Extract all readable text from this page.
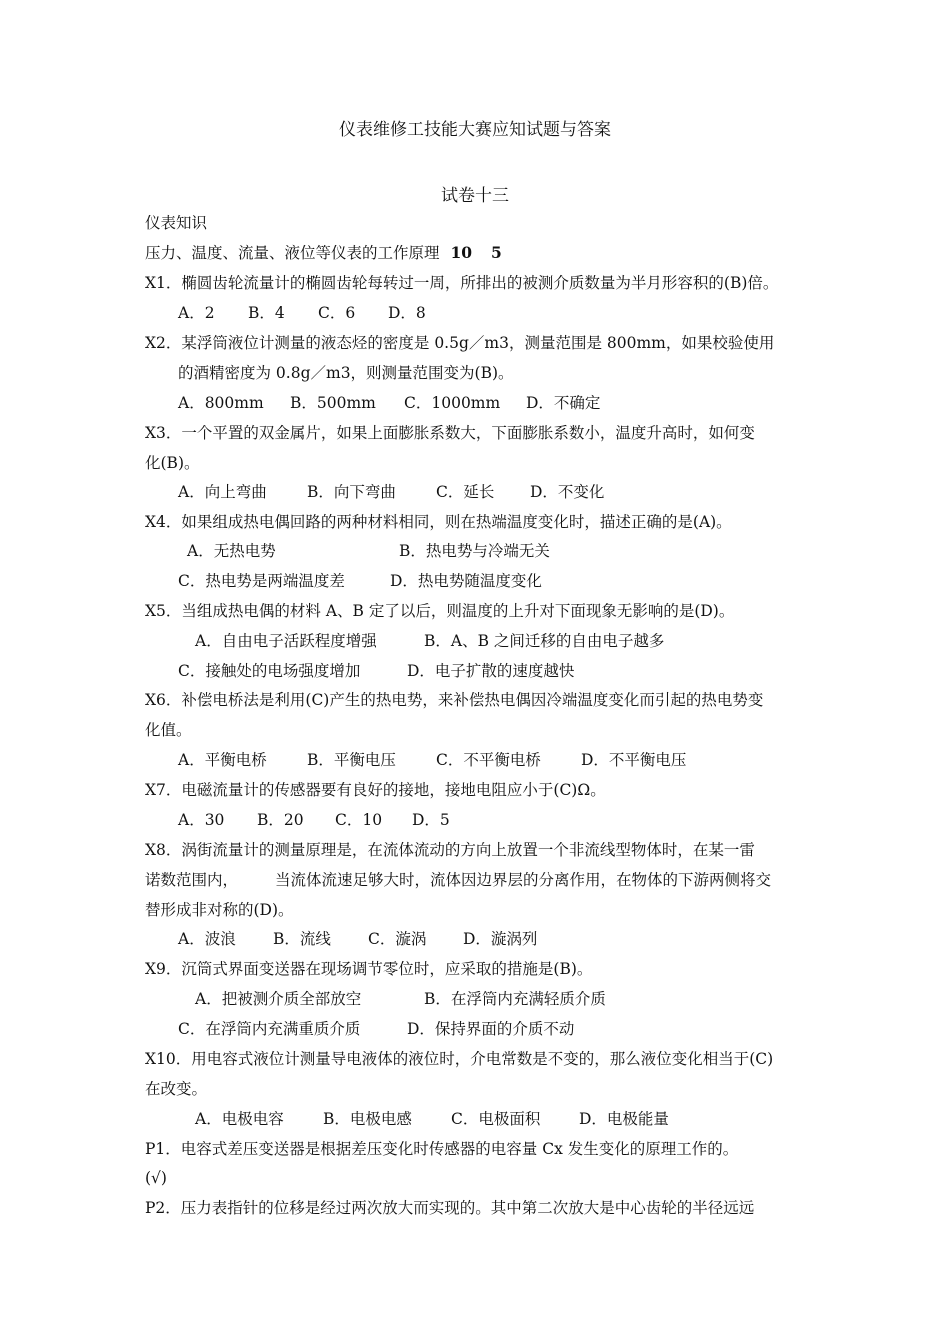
仪表维修工技能大赛应知试题与答案
试卷十三
仪表知识
压力、温度、流量、液位等仪表的工作原理 10 5
X1．椭圆齿轮流量计的椭圆齿轮每转过一周，所排出的被测介质数量为半月形容积的(B)倍。
A．2 B．4 C．6 D．8
X2．某浮筒液位计测量的液态烃的密度是 0.5g／m3，测量范围是 800mm，如果校验使用
的酒精密度为 0.8g／m3，则测量范围变为(B)。
A．800mm B．500mm C．1000mm D．不确定
X3．一个平置的双金属片，如果上面膨胀系数大，下面膨胀系数小，温度升高时，如何变
化(B)。
A．向上弯曲	B．向下弯曲	C．延长 D．不变化
X4．如果组成热电偶回路的两种材料相同，则在热端温度变化时，描述正确的是(A)。
A．无热电势	B．热电势与冷端无关
C．热电势是两端温度差	D．热电势随温度变化
X5．当组成热电偶的材料 A、B 定了以后，则温度的上升对下面现象无影响的是(D)。
A．自由电子活跃程度增强	B．A、B 之间迁移的自由电子越多
C．接触处的电场强度增加	D．电子扩散的速度越快
X6．补偿电桥法是利用(C)产生的热电势，来补偿热电偶因冷端温度变化而引起的热电势变
化值。
A．平衡电桥	B．平衡电压	C．不平衡电桥	D．不平衡电压
X7．电磁流量计的传感器要有良好的接地，接地电阻应小于(C)Ω。
A．30 B．20 C．10 D．5
X8．涡街流量计的测量原理是，在流体流动的方向上放置一个非流线型物体时，在某一雷
诺数范围内， 当流体流速足够大时，流体因边界层的分离作用，在物体的下游两侧将交
替形成非对称的(D)。
A．波浪 B．流线 C．漩涡 D．漩涡列
X9．沉筒式界面变送器在现场调节零位时，应采取的措施是(B)。
A．把被测介质全部放空	B．在浮筒内充满轻质介质
C．在浮筒内充满重质介质	D．保持界面的介质不动
X10．用电容式液位计测量导电液体的液位时，介电常数是不变的，那么液位变化相当于(C)
在改变。
A．电极电容	B．电极电感	C．电极面积 D．电极能量
P1．电容式差压变送器是根据差压变化时传感器的电容量 Cx 发生变化的原理工作的。
(√)
P2．压力表指针的位移是经过两次放大而实现的。其中第二次放大是中心齿轮的半径远远
